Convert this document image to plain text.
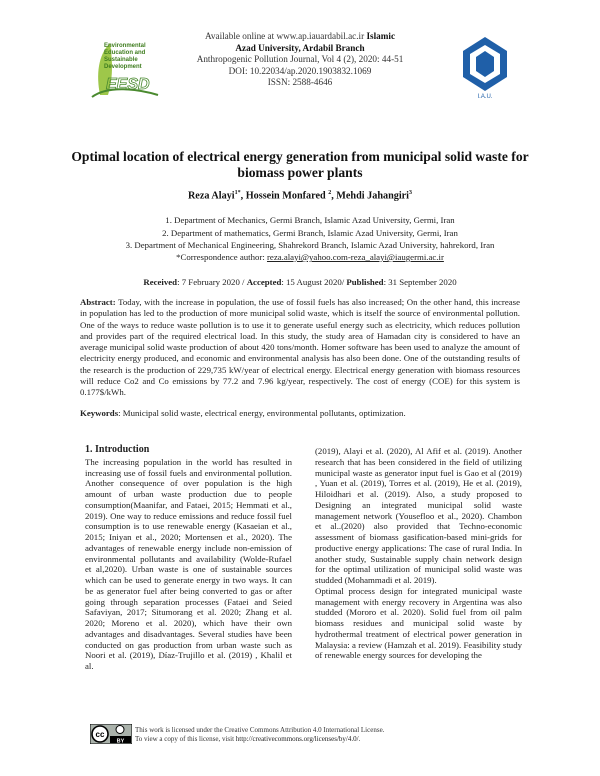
Environmental
Education and
Sustainable
Development
EESD
Available online at www.ap.iauardabil.ac.ir Islamic
Azad University, Ardabil Branch
Anthropogenic Pollution Journal, Vol 4 (2), 2020: 44-51
DOI: 10.22034/ap.2020.1903832.1069
ISSN: 2588-4646
I.A.U.
Optimal location of electrical energy generation from municipal solid waste for biomass power plants
Reza Alayi$^{1*}$, Hossein Monfared $^2$, Mehdi Jahangiri$^3$
1. Department of Mechanics, Germi Branch, Islamic Azad University, Germi, Iran
2. Department of mathematics, Germi Branch, Islamic Azad University, Germi, Iran
3. Department of Mechanical Engineering, Shahrekord Branch, Islamic Azad University, hahrekord, Iran
*Correspondence author: reza.alayi@yahoo.com-reza_alayi@iaugermi.ac.ir
Received: 7 February 2020 / Accepted: 15 August 2020/ Published: 31 September 2020
Abstract: Today, with the increase in population, the use of fossil fuels has also increased; On the other hand, this increase in population has led to the production of more municipal solid waste, which is itself the source of environmental pollution. One of the ways to reduce waste pollution is to use it to generate useful energy such as electricity, which reduces pollution and provides part of the required electrical load. In this study, the study area of Hamadan city is considered to have an average municipal solid waste production of about 420 tons/month. Homer software has been used to analyze the amount of electricity energy produced, and economic and environmental analysis has also been done. One of the outstanding results of the research is the production of 229,735 kW/year of electrical energy. Electrical energy generation with biomass resources will reduce Co2 and Co emissions by 77.2 and 7.96 kg/year, respectively. The cost of energy (COE) for this system is 0.177$/kWh.
Keywords: Municipal solid waste, electrical energy, environmental pollutants, optimization.
1. Introduction

The increasing population in the world has resulted in increasing use of fossil fuels and environmental pollution. Another consequence of over population is the high amount of urban waste production due to people consumption(Maanifar, and Fataei, 2015; Hemmati et al., 2019). One way to reduce emissions and reduce fossil fuel consumption is to use renewable energy (Kasaeian et al., 2015; Iniyan et al., 2020; Mortensen et al., 2020). The advantages of renewable energy include non-emission of environmental pollutants and availability (Wolde-Rufael et al,2020). Urban waste is one of sustainable sources which can be used to generate energy in two ways. It can be as generator fuel after being converted to gas or after going through separation processes (Fataei and Seied Safaviyan, 2017; Situmorang et al. 2020; Zhang et al. 2020; Moreno et al. 2020), which have their own advantages and disadvantages. Several studies have been conducted on gas production from urban waste such as Noori et al. (2019), Díaz-Trujillo et al. (2019) , Khalil et al.

(2019), Alayi et al. (2020), Al Afif et al. (2019). Another research that has been considered in the field of utilizing municipal waste as generator input fuel is Gao et al (2019) , Yuan et al. (2019), Torres et al. (2019), He et al. (2019), Hiloidhari et al. (2019). Also, a study proposed to Designing an integrated municipal solid waste management network (Yousefloo et al., 2020). Chambon et al..(2020) also provided that Techno-economic assessment of biomass gasification-based mini-grids for productive energy applications: The case of rural India. In another study, Sustainable supply chain network design for the optimal utilization of municipal solid waste was studded (Mohammadi et al. 2019).

Optimal process design for integrated municipal waste management with energy recovery in Argentina was also studded (Mororo et al. 2020). Solid fuel from oil palm biomass residues and municipal solid waste by hydrothermal treatment of electrical power generation in Malaysia: a review (Hamzah et al. 2019). Feasibility study of renewable energy sources for developing the

cc
BY
This work is licensed under the Creative Commons Attribution 4.0 International License.
To view a copy of this license, visit http://creativecommons.org/licenses/by/4.0/.
